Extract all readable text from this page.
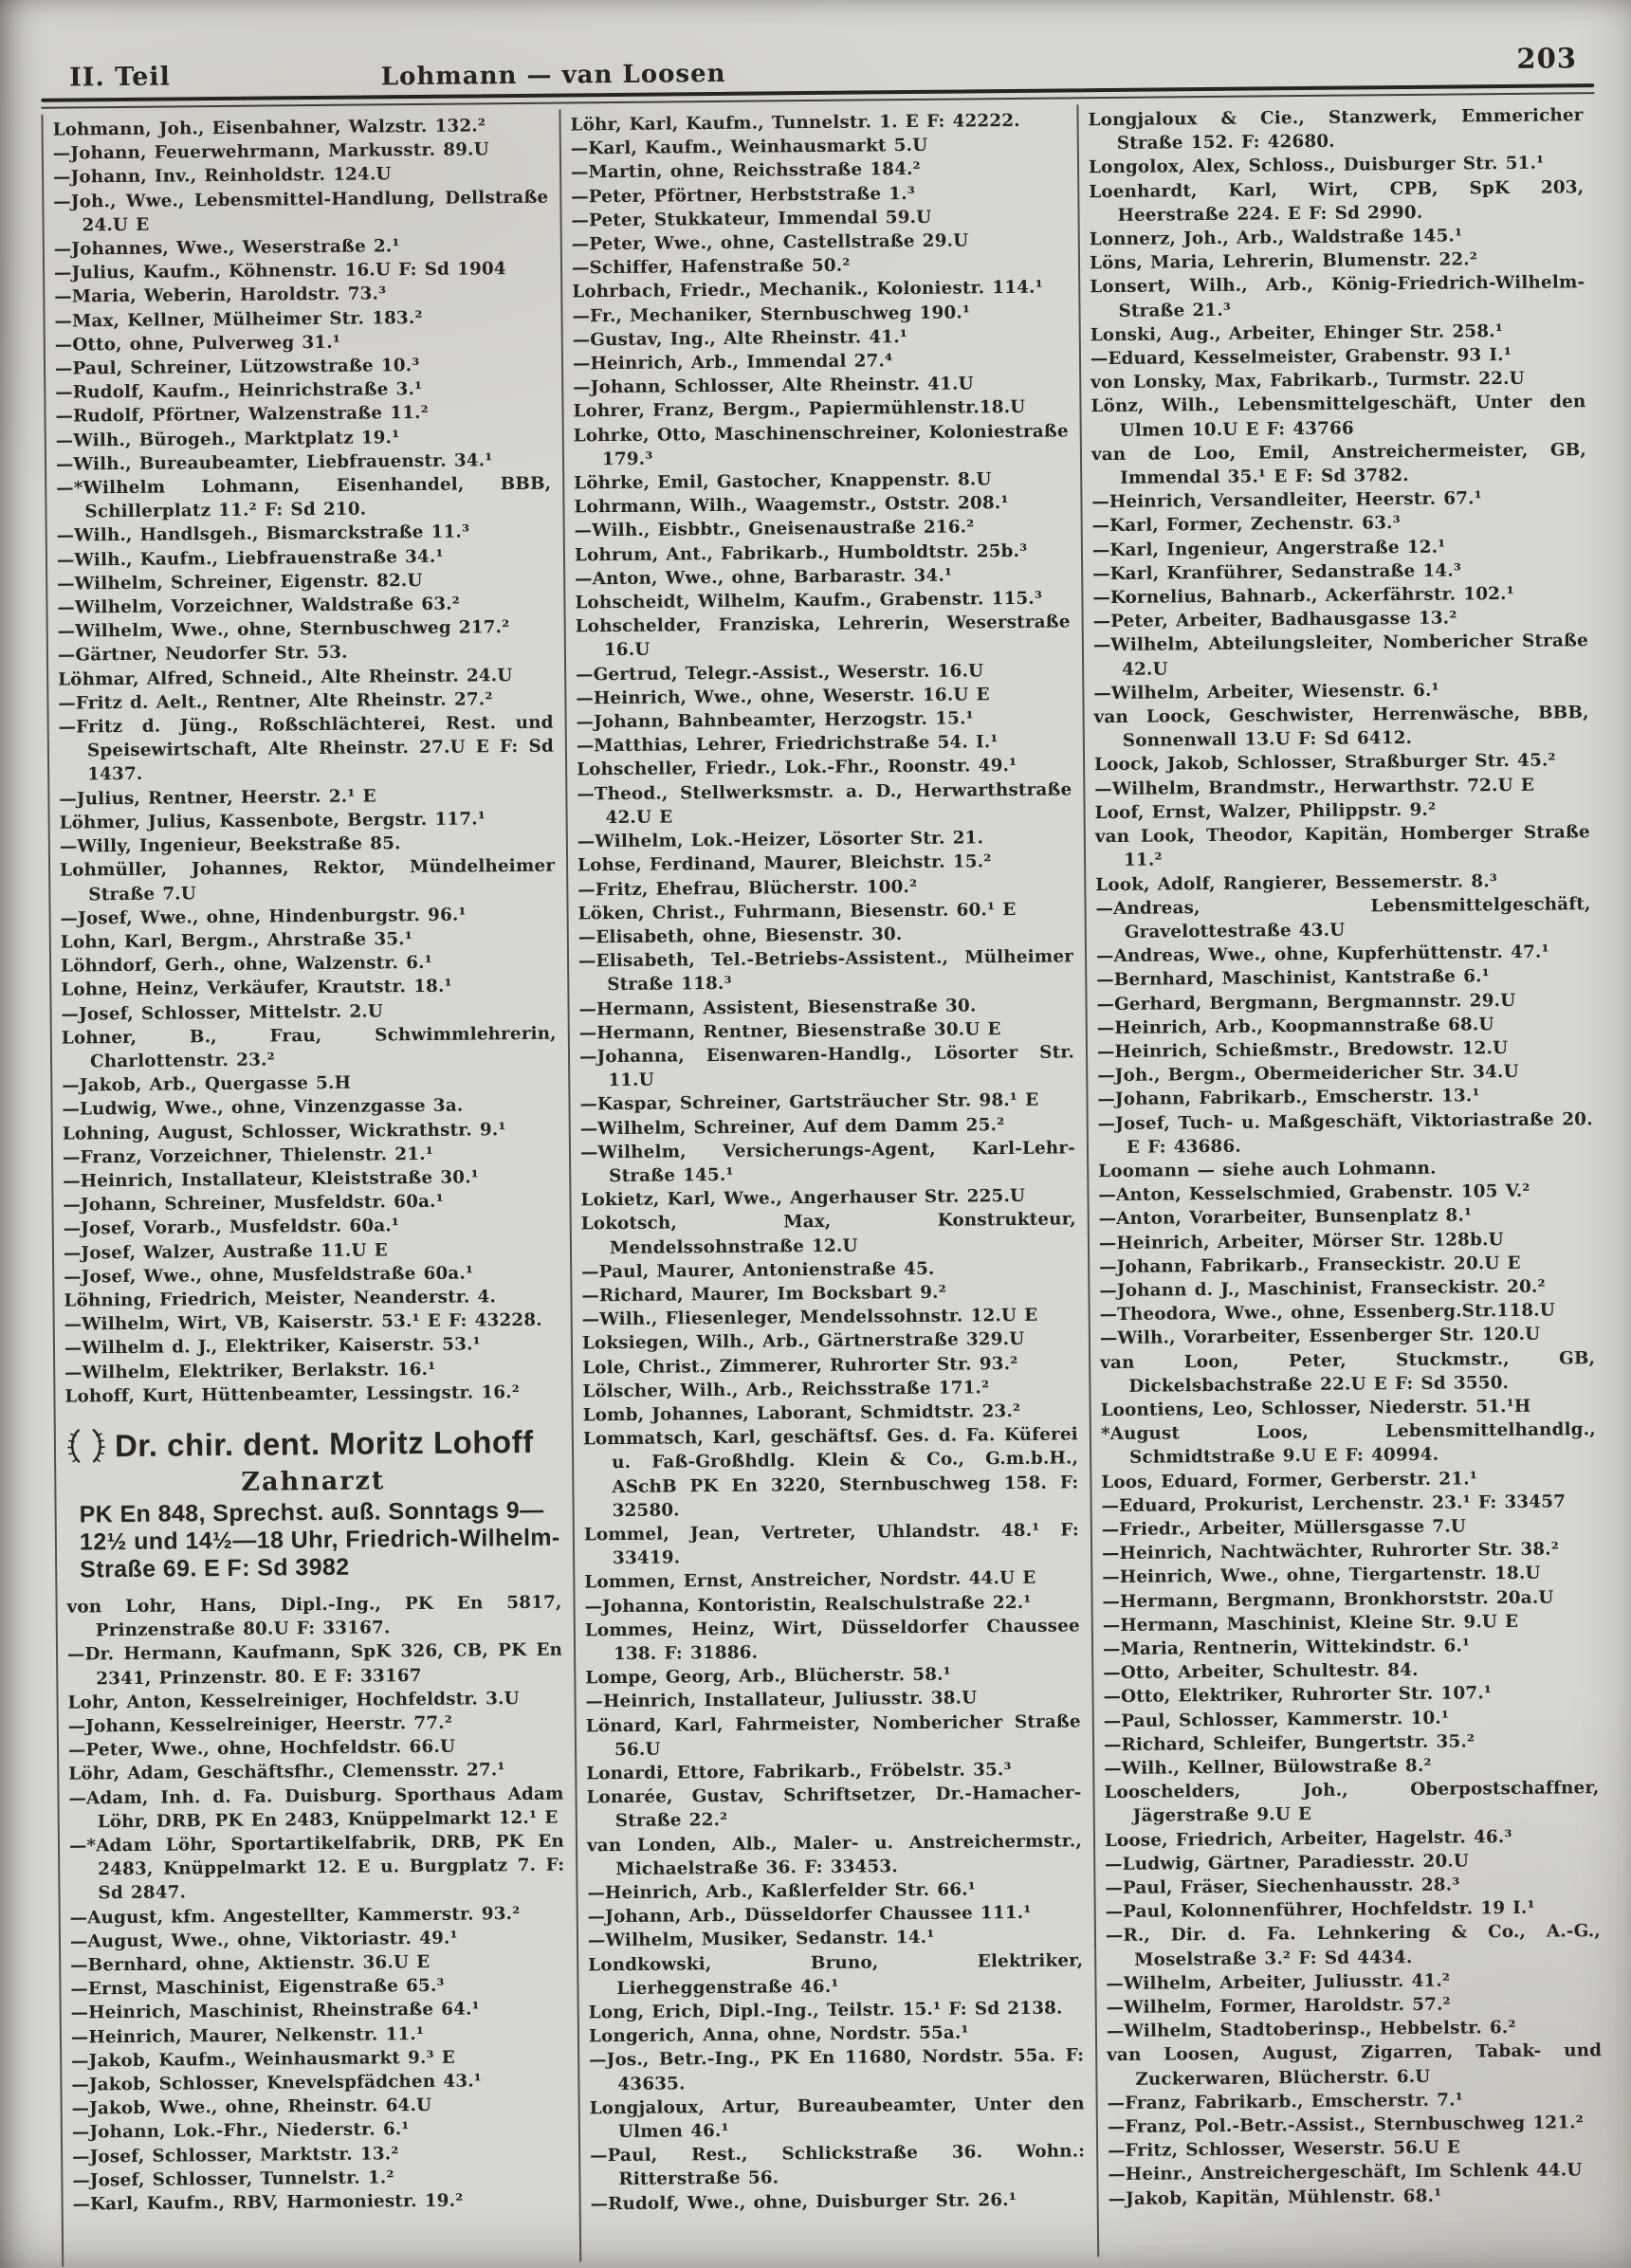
II. Teil	Lohmann — van Loosen
203

Lohmann, Joh., Eisenbahner, Walzstr. 132.²

—Johann, Feuerwehrmann, Markusstr. 89.U

—Johann, Inv., Reinholdstr. 124.U

—Joh., Wwe., Lebensmittel-Handlung, Dellstraße 24.U E

—Johannes, Wwe., Weserstraße 2.¹

—Julius, Kaufm., Köhnenstr. 16.U F: Sd 1904

—Maria, Weberin, Haroldstr. 73.³

—Max, Kellner, Mülheimer Str. 183.²

—Otto, ohne, Pulverweg 31.¹

—Paul, Schreiner, Lützowstraße 10.³

—Rudolf, Kaufm., Heinrichstraße 3.¹

—Rudolf, Pförtner, Walzenstraße 11.²

—Wilh., Bürogeh., Marktplatz 19.¹

—Wilh., Bureaubeamter, Liebfrauenstr. 34.¹

—*Wilhelm Lohmann, Eisenhandel, BBB, Schillerplatz 11.² F: Sd 210.

—Wilh., Handlsgeh., Bismarckstraße 11.³

—Wilh., Kaufm., Liebfrauenstraße 34.¹

—Wilhelm, Schreiner, Eigenstr. 82.U

—Wilhelm, Vorzeichner, Waldstraße 63.²

—Wilhelm, Wwe., ohne, Sternbuschweg 217.²

—Gärtner, Neudorfer Str. 53.

Löhmar, Alfred, Schneid., Alte Rheinstr. 24.U

—Fritz d. Aelt., Rentner, Alte Rheinstr. 27.²

—Fritz d. Jüng., Roßschlächterei, Rest. und Speisewirtschaft, Alte Rheinstr. 27.U E F: Sd 1437.

—Julius, Rentner, Heerstr. 2.¹ E

Löhmer, Julius, Kassenbote, Bergstr. 117.¹

—Willy, Ingenieur, Beekstraße 85.

Lohmüller, Johannes, Rektor, Mündelheimer Straße 7.U

—Josef, Wwe., ohne, Hindenburgstr. 96.¹

Lohn, Karl, Bergm., Ahrstraße 35.¹

Löhndorf, Gerh., ohne, Walzenstr. 6.¹

Lohne, Heinz, Verkäufer, Krautstr. 18.¹

—Josef, Schlosser, Mittelstr. 2.U

Lohner, B., Frau, Schwimmlehrerin, Charlottenstr. 23.²

—Jakob, Arb., Quergasse 5.H

—Ludwig, Wwe., ohne, Vinzenzgasse 3a.

Lohning, August, Schlosser, Wickrathstr. 9.¹

—Franz, Vorzeichner, Thielenstr. 21.¹

—Heinrich, Installateur, Kleiststraße 30.¹

—Johann, Schreiner, Musfeldstr. 60a.¹

—Josef, Vorarb., Musfeldstr. 60a.¹

—Josef, Walzer, Austraße 11.U E

—Josef, Wwe., ohne, Musfeldstraße 60a.¹

Löhning, Friedrich, Meister, Neanderstr. 4.

—Wilhelm, Wirt, VB, Kaiserstr. 53.¹ E F: 43228.

—Wilhelm d. J., Elektriker, Kaiserstr. 53.¹

—Wilhelm, Elektriker, Berlakstr. 16.¹

Lohoff, Kurt, Hüttenbeamter, Lessingstr. 16.²

Dr. chir. dent. Moritz Lohoff
Zahnarzt
PK En 848, Sprechst. auß. Sonntags 9—12½ und 14½—18 Uhr, Friedrich-Wilhelm-Straße 69. E F: Sd 3982

von Lohr, Hans, Dipl.-Ing., PK En 5817, Prinzenstraße 80.U F: 33167.

—Dr. Hermann, Kaufmann, SpK 326, CB, PK En 2341, Prinzenstr. 80. E F: 33167

Lohr, Anton, Kesselreiniger, Hochfeldstr. 3.U

—Johann, Kesselreiniger, Heerstr. 77.²

—Peter, Wwe., ohne, Hochfeldstr. 66.U

Löhr, Adam, Geschäftsfhr., Clemensstr. 27.¹

—Adam, Inh. d. Fa. Duisburg. Sporthaus Adam Löhr, DRB, PK En 2483, Knüppelmarkt 12.¹ E

—*Adam Löhr, Sportartikelfabrik, DRB, PK En 2483, Knüppelmarkt 12. E u. Burgplatz 7. F: Sd 2847.

—August, kfm. Angestellter, Kammerstr. 93.²

—August, Wwe., ohne, Viktoriastr. 49.¹

—Bernhard, ohne, Aktienstr. 36.U E

—Ernst, Maschinist, Eigenstraße 65.³

—Heinrich, Maschinist, Rheinstraße 64.¹

—Heinrich, Maurer, Nelkenstr. 11.¹

—Jakob, Kaufm., Weinhausmarkt 9.³ E

—Jakob, Schlosser, Knevelspfädchen 43.¹

—Jakob, Wwe., ohne, Rheinstr. 64.U

—Johann, Lok.-Fhr., Niederstr. 6.¹

—Josef, Schlosser, Marktstr. 13.²

—Josef, Schlosser, Tunnelstr. 1.²

—Karl, Kaufm., RBV, Harmoniestr. 19.²

Löhr, Karl, Kaufm., Tunnelstr. 1. E F: 42222.

—Karl, Kaufm., Weinhausmarkt 5.U

—Martin, ohne, Reichsstraße 184.²

—Peter, Pförtner, Herbststraße 1.³

—Peter, Stukkateur, Immendal 59.U

—Peter, Wwe., ohne, Castellstraße 29.U

—Schiffer, Hafenstraße 50.²

Lohrbach, Friedr., Mechanik., Koloniestr. 114.¹

—Fr., Mechaniker, Sternbuschweg 190.¹

—Gustav, Ing., Alte Rheinstr. 41.¹

—Heinrich, Arb., Immendal 27.⁴

—Johann, Schlosser, Alte Rheinstr. 41.U

Lohrer, Franz, Bergm., Papiermühlenstr.18.U

Lohrke, Otto, Maschinenschreiner, Koloniestraße 179.³

Löhrke, Emil, Gastocher, Knappenstr. 8.U

Lohrmann, Wilh., Waagemstr., Oststr. 208.¹

—Wilh., Eisbbtr., Gneisenaustraße 216.²

Lohrum, Ant., Fabrikarb., Humboldtstr. 25b.³

—Anton, Wwe., ohne, Barbarastr. 34.¹

Lohscheidt, Wilhelm, Kaufm., Grabenstr. 115.³

Lohschelder, Franziska, Lehrerin, Weserstraße 16.U

—Gertrud, Telegr.-Assist., Weserstr. 16.U

—Heinrich, Wwe., ohne, Weserstr. 16.U E

—Johann, Bahnbeamter, Herzogstr. 15.¹

—Matthias, Lehrer, Friedrichstraße 54. I.¹

Lohscheller, Friedr., Lok.-Fhr., Roonstr. 49.¹

—Theod., Stellwerksmstr. a. D., Herwarthstraße 42.U E

—Wilhelm, Lok.-Heizer, Lösorter Str. 21.

Lohse, Ferdinand, Maurer, Bleichstr. 15.²

—Fritz, Ehefrau, Blücherstr. 100.²

Löken, Christ., Fuhrmann, Biesenstr. 60.¹ E

—Elisabeth, ohne, Biesenstr. 30.

—Elisabeth, Tel.-Betriebs-Assistent., Mülheimer Straße 118.³

—Hermann, Assistent, Biesenstraße 30.

—Hermann, Rentner, Biesenstraße 30.U E

—Johanna, Eisenwaren-Handlg., Lösorter Str. 11.U

—Kaspar, Schreiner, Gartsträucher Str. 98.¹ E

—Wilhelm, Schreiner, Auf dem Damm 25.²

—Wilhelm, Versicherungs-Agent, Karl-Lehr-Straße 145.¹

Lokietz, Karl, Wwe., Angerhauser Str. 225.U

Lokotsch, Max, Konstrukteur, Mendelssohnstraße 12.U

—Paul, Maurer, Antonienstraße 45.

—Richard, Maurer, Im Bocksbart 9.²

—Wilh., Fliesenleger, Mendelssohnstr. 12.U E

Loksiegen, Wilh., Arb., Gärtnerstraße 329.U

Lole, Christ., Zimmerer, Ruhrorter Str. 93.²

Lölscher, Wilh., Arb., Reichsstraße 171.²

Lomb, Johannes, Laborant, Schmidtstr. 23.²

Lommatsch, Karl, geschäftsf. Ges. d. Fa. Küferei u. Faß-Großhdlg. Klein & Co., G.m.b.H., ASchB PK En 3220, Sternbuschweg 158. F: 32580.

Lommel, Jean, Vertreter, Uhlandstr. 48.¹ F: 33419.

Lommen, Ernst, Anstreicher, Nordstr. 44.U E

—Johanna, Kontoristin, Realschulstraße 22.¹

Lommes, Heinz, Wirt, Düsseldorfer Chaussee 138. F: 31886.

Lompe, Georg, Arb., Blücherstr. 58.¹

—Heinrich, Installateur, Juliusstr. 38.U

Lönard, Karl, Fahrmeister, Nombericher Straße 56.U

Lonardi, Ettore, Fabrikarb., Fröbelstr. 35.³

Lonarée, Gustav, Schriftsetzer, Dr.-Hamacher-Straße 22.²

van Londen, Alb., Maler- u. Anstreichermstr., Michaelstraße 36. F: 33453.

—Heinrich, Arb., Kaßlerfelder Str. 66.¹

—Johann, Arb., Düsseldorfer Chaussee 111.¹

—Wilhelm, Musiker, Sedanstr. 14.¹

Londkowski, Bruno, Elektriker, Lierheggenstraße 46.¹

Long, Erich, Dipl.-Ing., Teilstr. 15.¹ F: Sd 2138.

Longerich, Anna, ohne, Nordstr. 55a.¹

—Jos., Betr.-Ing., PK En 11680, Nordstr. 55a. F: 43635.

Longjaloux, Artur, Bureaubeamter, Unter den Ulmen 46.¹

—Paul, Rest., Schlickstraße 36. Wohn.: Ritterstraße 56.

—Rudolf, Wwe., ohne, Duisburger Str. 26.¹

Longjaloux & Cie., Stanzwerk, Emmericher Straße 152. F: 42680.

Longolox, Alex, Schloss., Duisburger Str. 51.¹

Loenhardt, Karl, Wirt, CPB, SpK 203, Heerstraße 224. E F: Sd 2990.

Lonnerz, Joh., Arb., Waldstraße 145.¹

Löns, Maria, Lehrerin, Blumenstr. 22.²

Lonsert, Wilh., Arb., König-Friedrich-Wilhelm-Straße 21.³

Lonski, Aug., Arbeiter, Ehinger Str. 258.¹

—Eduard, Kesselmeister, Grabenstr. 93 I.¹

von Lonsky, Max, Fabrikarb., Turmstr. 22.U

Lönz, Wilh., Lebensmittelgeschäft, Unter den Ulmen 10.U E F: 43766

van de Loo, Emil, Anstreichermeister, GB, Immendal 35.¹ E F: Sd 3782.

—Heinrich, Versandleiter, Heerstr. 67.¹

—Karl, Former, Zechenstr. 63.³

—Karl, Ingenieur, Angerstraße 12.¹

—Karl, Kranführer, Sedanstraße 14.³

—Kornelius, Bahnarb., Ackerfährstr. 102.¹

—Peter, Arbeiter, Badhausgasse 13.²

—Wilhelm, Abteilungsleiter, Nombericher Straße 42.U

—Wilhelm, Arbeiter, Wiesenstr. 6.¹

van Loock, Geschwister, Herrenwäsche, BBB, Sonnenwall 13.U F: Sd 6412.

Loock, Jakob, Schlosser, Straßburger Str. 45.²

—Wilhelm, Brandmstr., Herwarthstr. 72.U E

Loof, Ernst, Walzer, Philippstr. 9.²

van Look, Theodor, Kapitän, Homberger Straße 11.²

Look, Adolf, Rangierer, Bessemerstr. 8.³

—Andreas, Lebensmittelgeschäft, Gravelottestraße 43.U

—Andreas, Wwe., ohne, Kupferhüttenstr. 47.¹

—Bernhard, Maschinist, Kantstraße 6.¹

—Gerhard, Bergmann, Bergmannstr. 29.U

—Heinrich, Arb., Koopmannstraße 68.U

—Heinrich, Schießmstr., Bredowstr. 12.U

—Joh., Bergm., Obermeidericher Str. 34.U

—Johann, Fabrikarb., Emscherstr. 13.¹

—Josef, Tuch- u. Maßgeschäft, Viktoriastraße 20. E F: 43686.

Loomann — siehe auch Lohmann.

—Anton, Kesselschmied, Grabenstr. 105 V.²

—Anton, Vorarbeiter, Bunsenplatz 8.¹

—Heinrich, Arbeiter, Mörser Str. 128b.U

—Johann, Fabrikarb., Franseckistr. 20.U E

—Johann d. J., Maschinist, Franseckistr. 20.²

—Theodora, Wwe., ohne, Essenberg.Str.118.U

—Wilh., Vorarbeiter, Essenberger Str. 120.U

van Loon, Peter, Stuckmstr., GB, Dickelsbachstraße 22.U E F: Sd 3550.

Loontiens, Leo, Schlosser, Niederstr. 51.¹H

*August Loos, Lebensmittelhandlg., Schmidtstraße 9.U E F: 40994.

Loos, Eduard, Former, Gerberstr. 21.¹

—Eduard, Prokurist, Lerchenstr. 23.¹ F: 33457

—Friedr., Arbeiter, Müllersgasse 7.U

—Heinrich, Nachtwächter, Ruhrorter Str. 38.²

—Heinrich, Wwe., ohne, Tiergartenstr. 18.U

—Hermann, Bergmann, Bronkhorststr. 20a.U

—Hermann, Maschinist, Kleine Str. 9.U E

—Maria, Rentnerin, Wittekindstr. 6.¹

—Otto, Arbeiter, Schultestr. 84.

—Otto, Elektriker, Ruhrorter Str. 107.¹

—Paul, Schlosser, Kammerstr. 10.¹

—Richard, Schleifer, Bungertstr. 35.²

—Wilh., Kellner, Bülowstraße 8.²

Looschelders, Joh., Oberpostschaffner, Jägerstraße 9.U E

Loose, Friedrich, Arbeiter, Hagelstr. 46.³

—Ludwig, Gärtner, Paradiesstr. 20.U

—Paul, Fräser, Siechenhausstr. 28.³

—Paul, Kolonnenführer, Hochfeldstr. 19 I.¹

—R., Dir. d. Fa. Lehnkering & Co., A.-G., Moselstraße 3.² F: Sd 4434.

—Wilhelm, Arbeiter, Juliusstr. 41.²

—Wilhelm, Former, Haroldstr. 57.²

—Wilhelm, Stadtoberinsp., Hebbelstr. 6.²

van Loosen, August, Zigarren, Tabak- und Zuckerwaren, Blücherstr. 6.U

—Franz, Fabrikarb., Emscherstr. 7.¹

—Franz, Pol.-Betr.-Assist., Sternbuschweg 121.²

—Fritz, Schlosser, Weserstr. 56.U E

—Heinr., Anstreichergeschäft, Im Schlenk 44.U

—Jakob, Kapitän, Mühlenstr. 68.¹
